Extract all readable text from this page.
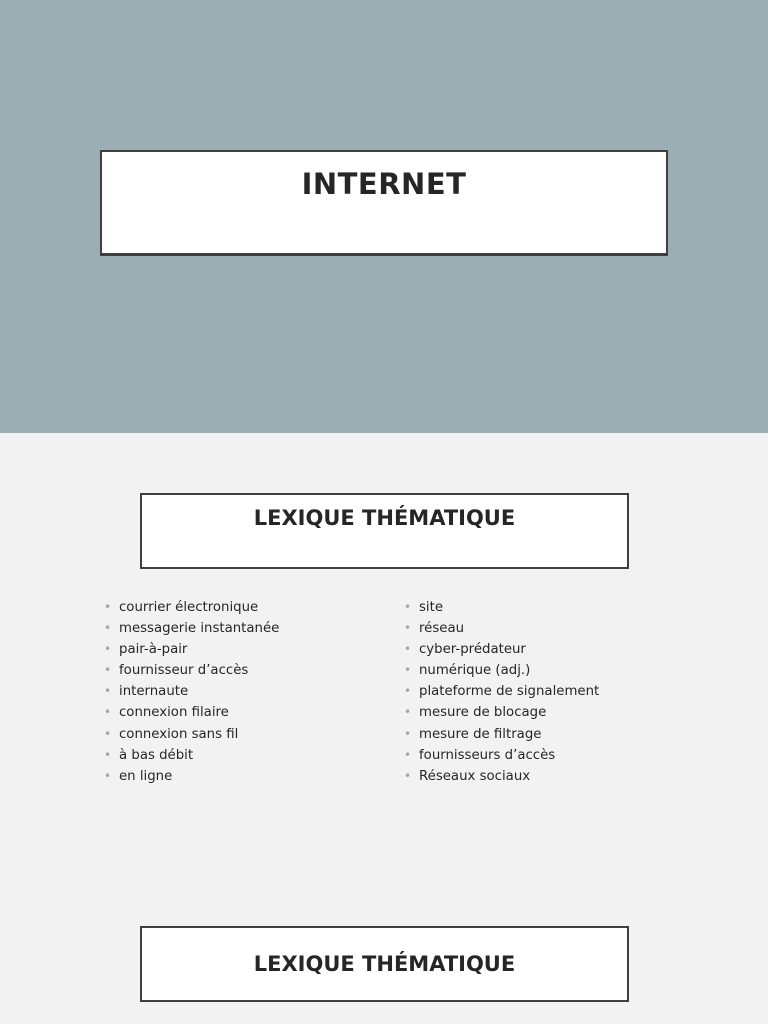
INTERNET
LEXIQUE THÉMATIQUE
• courrier électronique
• messagerie instantanée
• pair-à-pair
• fournisseur d’accès
• internaute
• connexion filaire
• connexion sans fil
• à bas débit
• en ligne
• site
• réseau
• cyber-prédateur
• numérique (adj.)
• plateforme de signalement
• mesure de blocage
• mesure de filtrage
• fournisseurs d’accès
• Réseaux sociaux
LEXIQUE THÉMATIQUE
